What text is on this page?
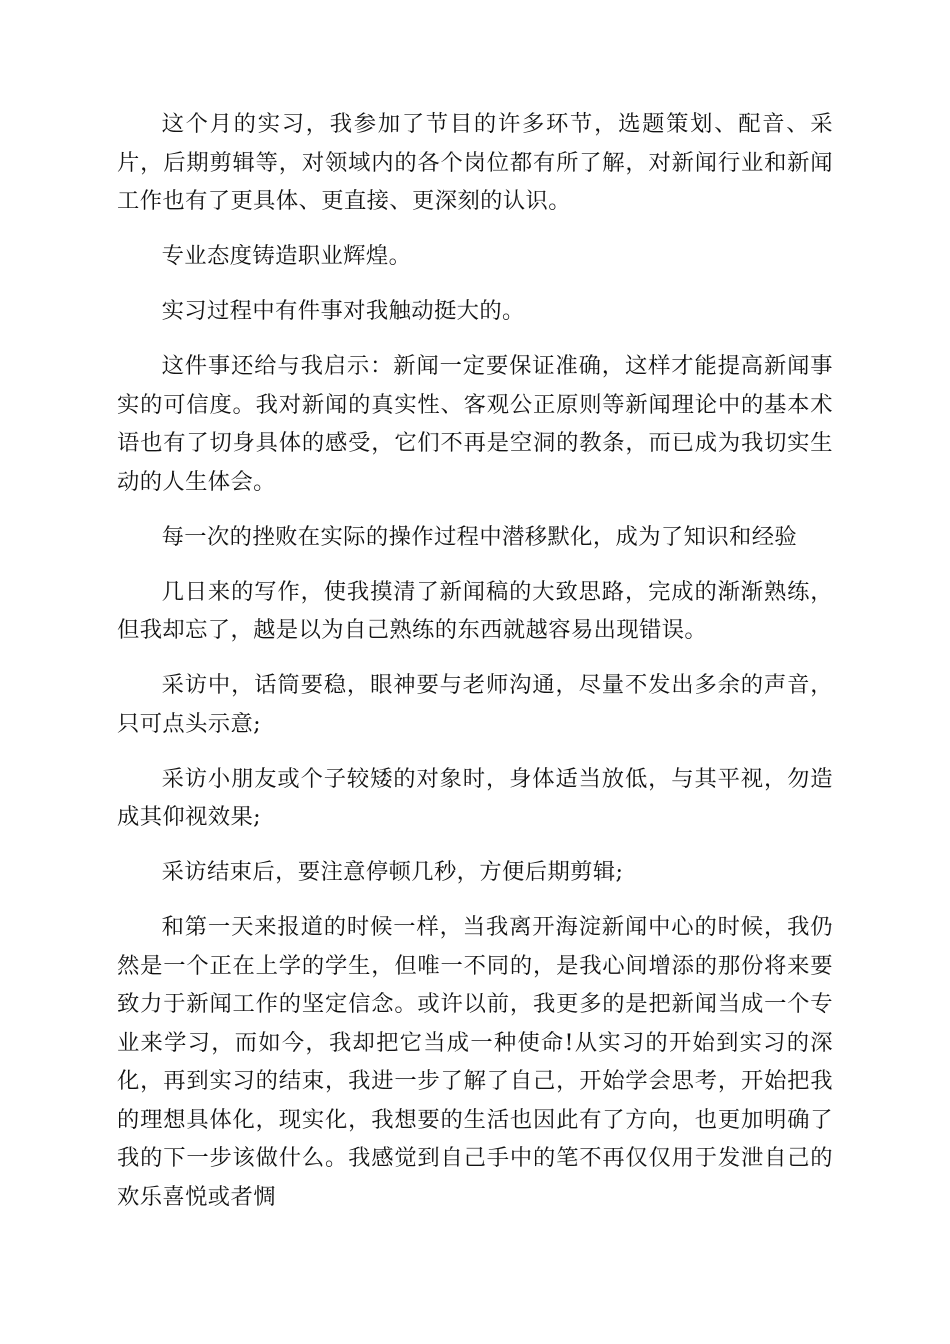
这个月的实习，我参加了节目的许多环节，选题策划、配音、采片，后期剪辑等，对领域内的各个岗位都有所了解，对新闻行业和新闻工作也有了更具体、更直接、更深刻的认识。

专业态度铸造职业辉煌。

实习过程中有件事对我触动挺大的。

这件事还给与我启示：新闻一定要保证准确，这样才能提高新闻事实的可信度。我对新闻的真实性、客观公正原则等新闻理论中的基本术语也有了切身具体的感受，它们不再是空洞的教条，而已成为我切实生动的人生体会。

每一次的挫败在实际的操作过程中潜移默化，成为了知识和经验

几日来的写作，使我摸清了新闻稿的大致思路，完成的渐渐熟练，但我却忘了，越是以为自己熟练的东西就越容易出现错误。

采访中，话筒要稳，眼神要与老师沟通，尽量不发出多余的声音，只可点头示意;

采访小朋友或个子较矮的对象时，身体适当放低，与其平视，勿造成其仰视效果;

采访结束后，要注意停顿几秒，方便后期剪辑;

和第一天来报道的时候一样，当我离开海淀新闻中心的时候，我仍然是一个正在上学的学生，但唯一不同的，是我心间增添的那份将来要致力于新闻工作的坚定信念。或许以前，我更多的是把新闻当成一个专业来学习，而如今，我却把它当成一种使命!从实习的开始到实习的深化，再到实习的结束，我进一步了解了自己，开始学会思考，开始把我的理想具体化，现实化，我想要的生活也因此有了方向，也更加明确了我的下一步该做什么。我感觉到自己手中的笔不再仅仅用于发泄自己的欢乐喜悦或者惆
